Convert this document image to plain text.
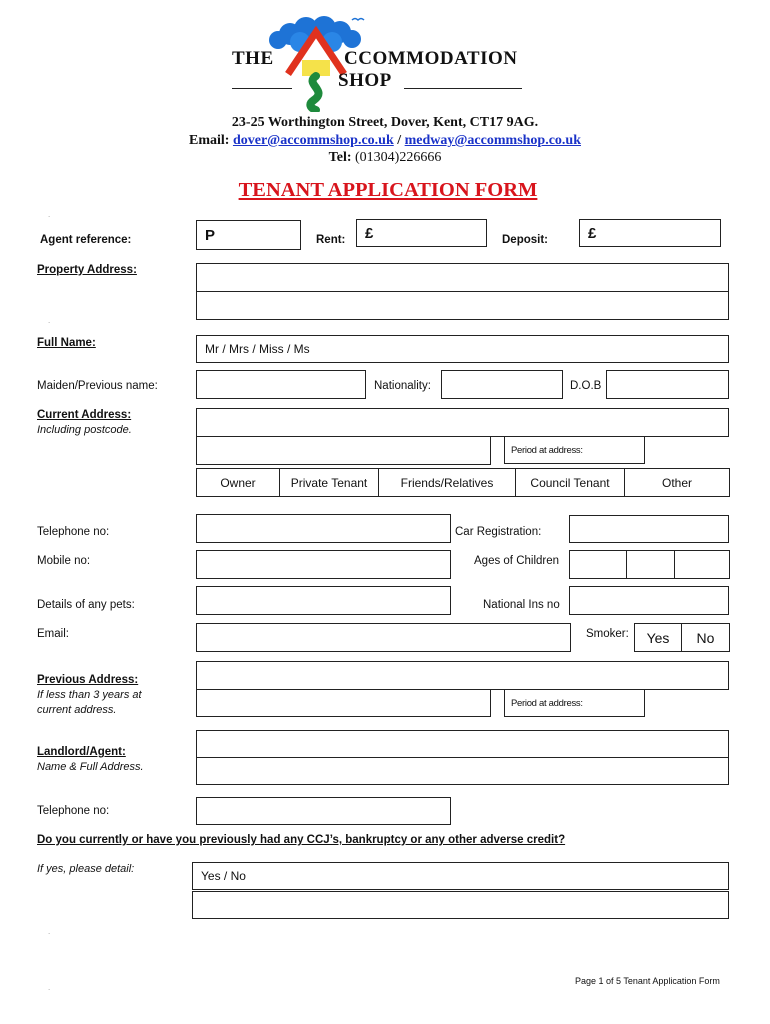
THE	CCOMMODATION
SHOP
23-25 Worthington Street, Dover, Kent, CT17 9AG.
Email: dover@accommshop.co.uk / medway@accommshop.co.uk
Tel: (01304)226666
TENANT APPLICATION FORM
.
Agent reference:	P	Rent:	£	Deposit:	£
Property Address:
.
Full Name:	Mr / Mrs / Miss / Ms
Maiden/Previous name:	Nationality:	D.O.B
Current Address:
Including postcode.
Period at address:
Owner	Private Tenant	Friends/Relatives	Council Tenant	Other
Telephone no:	Car Registration:
Mobile no:	Ages of Children
Details of any pets:	National Ins no
Email:	Smoker:	Yes	No
Previous Address:
If less than 3 years at
current address.
Period at address:
Landlord/Agent:
Name & Full Address.
Telephone no:
Do you currently or have you previously had any CCJ’s, bankruptcy or any other adverse credit?
If yes, please detail:	Yes / No
.
Page 1 of 5 Tenant Application Form
.
